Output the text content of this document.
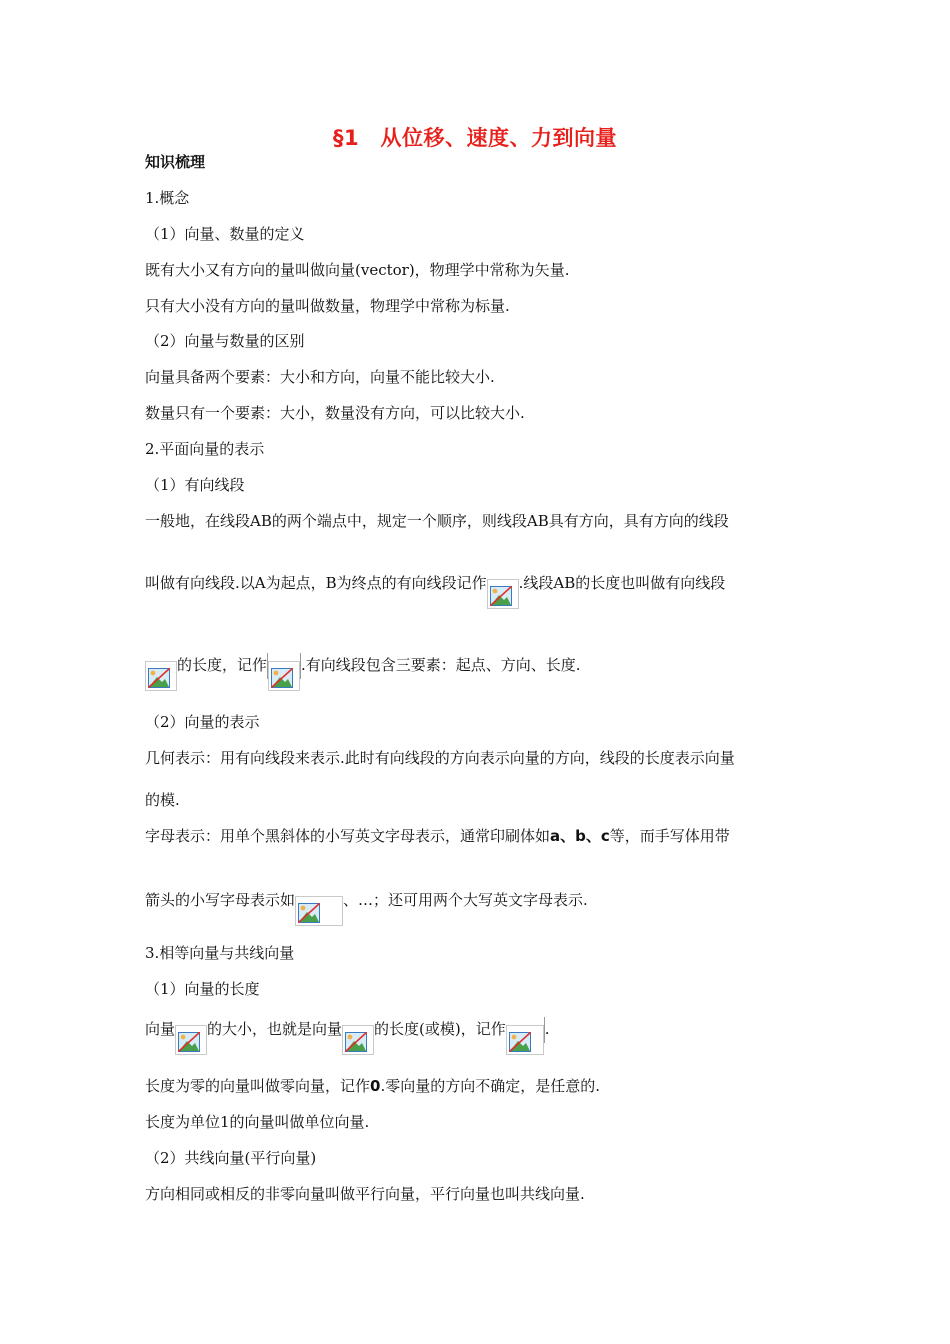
§1　从位移、速度、力到向量
知识梳理
1.概念
（1）向量、数量的定义
既有大小又有方向的量叫做向量(vector)，物理学中常称为矢量.
只有大小没有方向的量叫做数量，物理学中常称为标量.
（2）向量与数量的区别
向量具备两个要素：大小和方向，向量不能比较大小.
数量只有一个要素：大小，数量没有方向，可以比较大小.
2.平面向量的表示
（1）有向线段
一般地，在线段AB的两个端点中，规定一个顺序，则线段AB具有方向，具有方向的线段
叫做有向线段.以A为起点，B为终点的有向线段记作 .线段AB的长度也叫做有向线段
的长度，记作 .有向线段包含三要素：起点、方向、长度.
（2）向量的表示
几何表示：用有向线段来表示.此时有向线段的方向表示向量的方向，线段的长度表示向量
的模.
字母表示：用单个黑斜体的小写英文字母表示，通常印刷体如a、b、c等，而手写体用带
箭头的小写字母表示如	、…；还可用两个大写英文字母表示.
3.相等向量与共线向量
（1）向量的长度
向量 的大小，也就是向量 的长度(或模)，记作	.
长度为零的向量叫做零向量，记作0.零向量的方向不确定，是任意的.
长度为单位1的向量叫做单位向量.
（2）共线向量(平行向量)
方向相同或相反的非零向量叫做平行向量，平行向量也叫共线向量.
